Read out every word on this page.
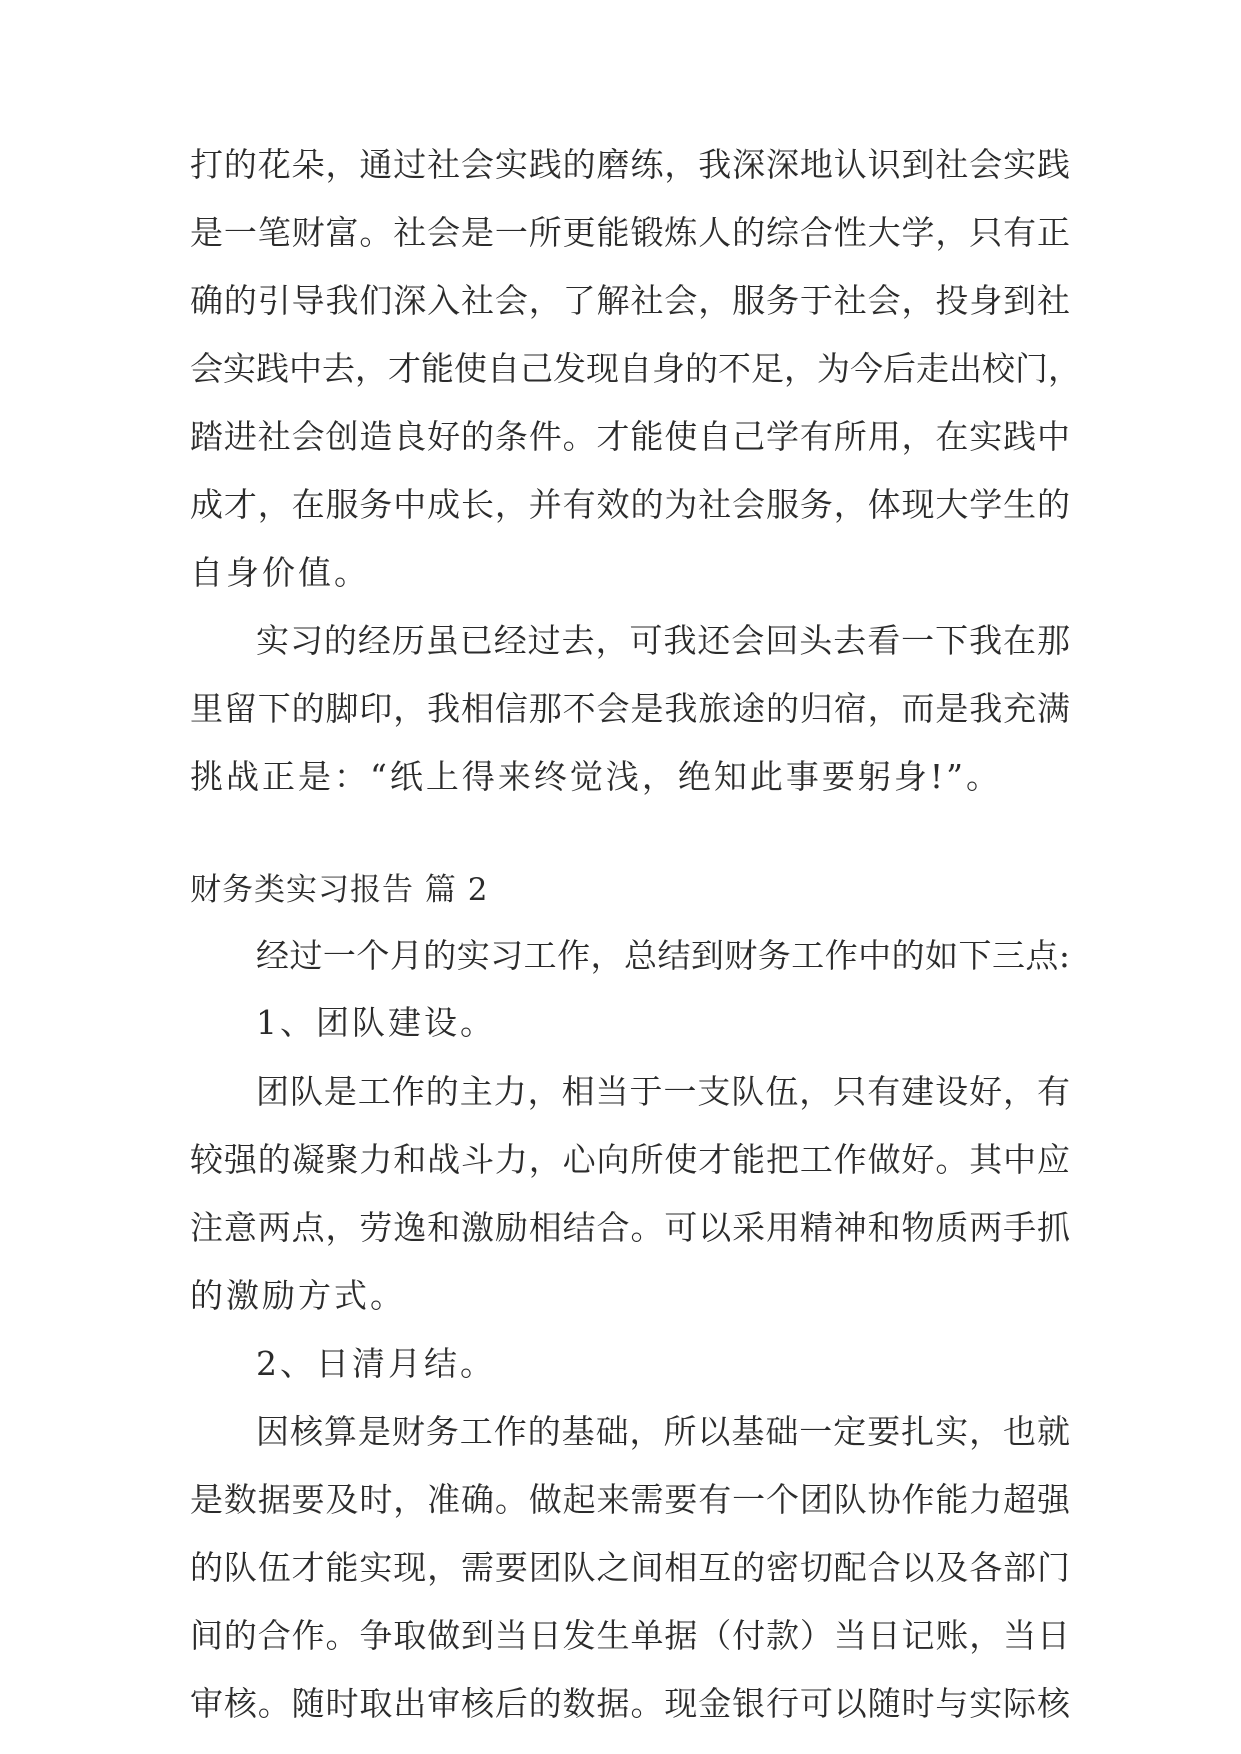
打的花朵，通过社会实践的磨练，我深深地认识到社会实践
是一笔财富。社会是一所更能锻炼人的综合性大学，只有正
确的引导我们深入社会，了解社会，服务于社会，投身到社
会实践中去，才能使自己发现自身的不足，为今后走出校门，
踏进社会创造良好的条件。才能使自己学有所用，在实践中
成才，在服务中成长，并有效的为社会服务，体现大学生的
自身价值。
实习的经历虽已经过去，可我还会回头去看一下我在那
里留下的脚印，我相信那不会是我旅途的归宿，而是我充满
挑战正是：“纸上得来终觉浅，绝知此事要躬身!”。
财务类实习报告 篇 2
经过一个月的实习工作，总结到财务工作中的如下三点:
1、团队建设。
团队是工作的主力，相当于一支队伍，只有建设好，有
较强的凝聚力和战斗力，心向所使才能把工作做好。其中应
注意两点，劳逸和激励相结合。可以采用精神和物质两手抓
的激励方式。
2、日清月结。
因核算是财务工作的基础，所以基础一定要扎实，也就
是数据要及时，准确。做起来需要有一个团队协作能力超强
的队伍才能实现，需要团队之间相互的密切配合以及各部门
间的合作。争取做到当日发生单据（付款）当日记账，当日
审核。随时取出审核后的数据。现金银行可以随时与实际核
